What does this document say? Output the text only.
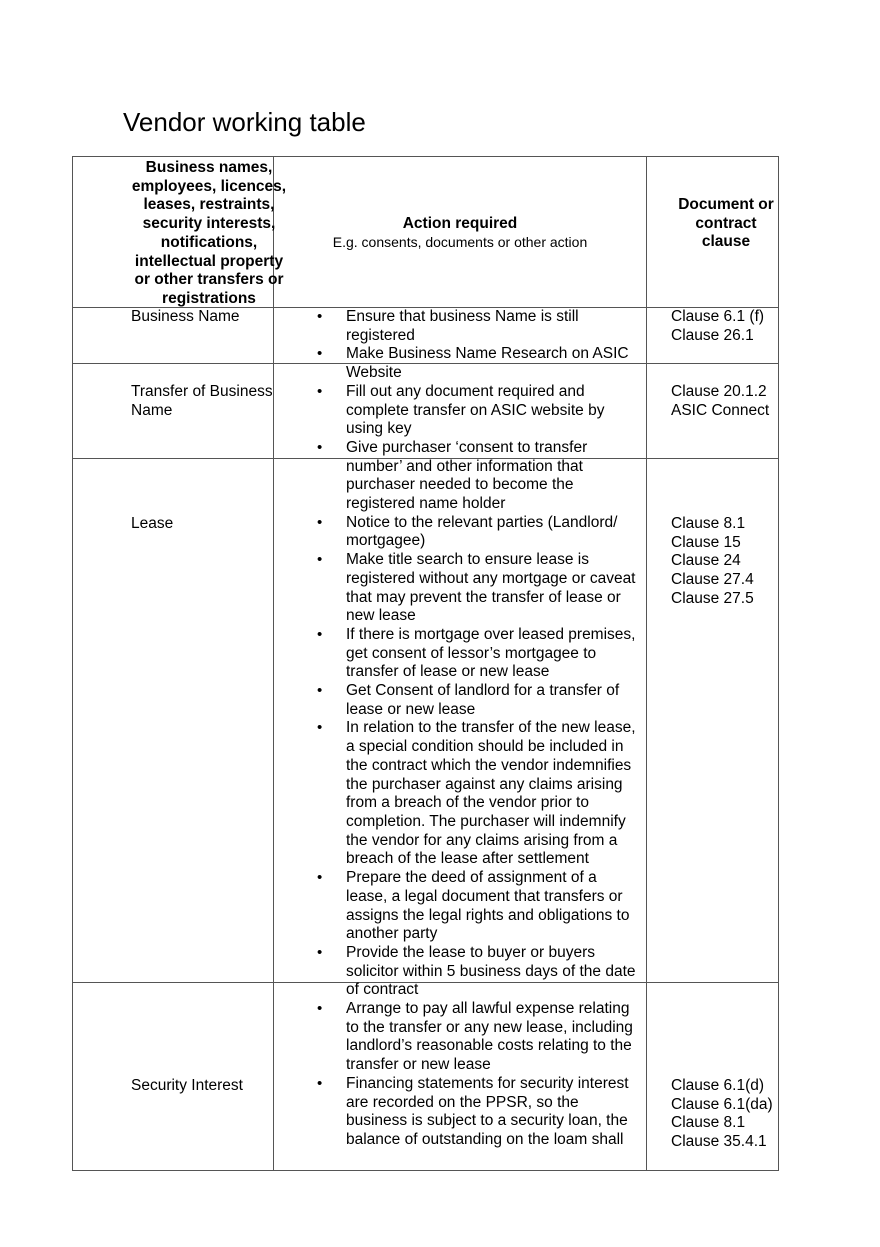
Vendor working table
Business names,
employees, licences,
leases, restraints,
security interests,
notifications,
intellectual property
or other transfers or
registrations
Action required
E.g. consents, documents or other action
Document or
contract
clause
Business Name
Transfer of Business
Name
Lease
Security Interest
Clause 6.1 (f)
Clause 26.1
Clause 20.1.2
ASIC Connect
Clause 8.1
Clause 15
Clause 24
Clause 27.4
Clause 27.5
Clause 6.1(d)
Clause 6.1(da)
Clause 8.1
Clause 35.4.1
Ensure that business Name is still
registered
Make Business Name Research on ASIC
Website
Fill out any document required and
complete transfer on ASIC website by
using key
Give purchaser ‘consent to transfer
number’ and other information that
purchaser needed to become the
registered name holder
Notice to the relevant parties (Landlord/
mortgagee)
Make title search to ensure lease is
registered without any mortgage or caveat
that may prevent the transfer of lease or
new lease
If there is mortgage over leased premises,
get consent of lessor’s mortgagee to
transfer of lease or new lease
Get Consent of landlord for a transfer of
lease or new lease
In relation to the transfer of the new lease,
a special condition should be included in
the contract which the vendor indemnifies
the purchaser against any claims arising
from a breach of the vendor prior to
completion. The purchaser will indemnify
the vendor for any claims arising from a
breach of the lease after settlement
Prepare the deed of assignment of a
lease, a legal document that transfers or
assigns the legal rights and obligations to
another party
Provide the lease to buyer or buyers
solicitor within 5 business days of the date
of contract
Arrange to pay all lawful expense relating
to the transfer or any new lease, including
landlord’s reasonable costs relating to the
transfer or new lease
Financing statements for security interest
are recorded on the PPSR, so the
business is subject to a security loan, the
balance of outstanding on the loam shall
•
•
•
•
•
•
•
•
•
•
•
•
•
